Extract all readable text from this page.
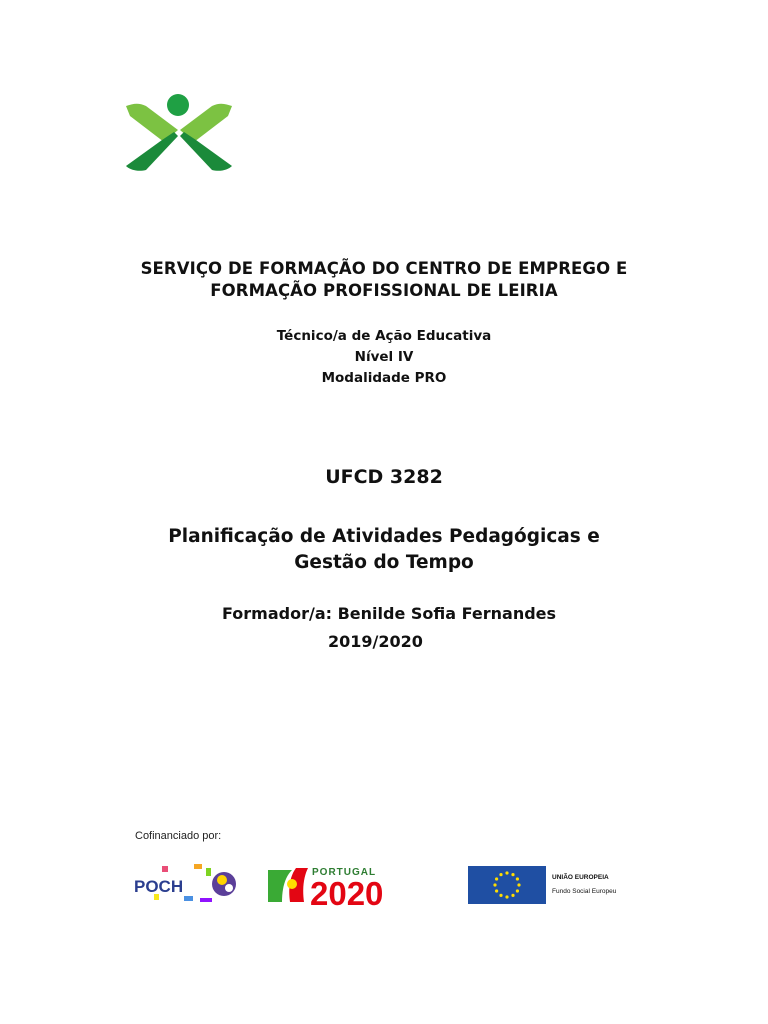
SERVIÇO DE FORMAÇÃO DO CENTRO DE EMPREGO E
FORMAÇÃO PROFISSIONAL DE LEIRIA
Técnico/a de Ação Educativa
Nível IV
Modalidade PRO
UFCD 3282
Planificação de Atividades Pedagógicas e
Gestão do Tempo
Formador/a: Benilde Sofia Fernandes
2019/2020
Cofinanciado por:
POCH
PORTUGAL
2020	UNIÃO EUROPEIA
Fundo Social Europeu
